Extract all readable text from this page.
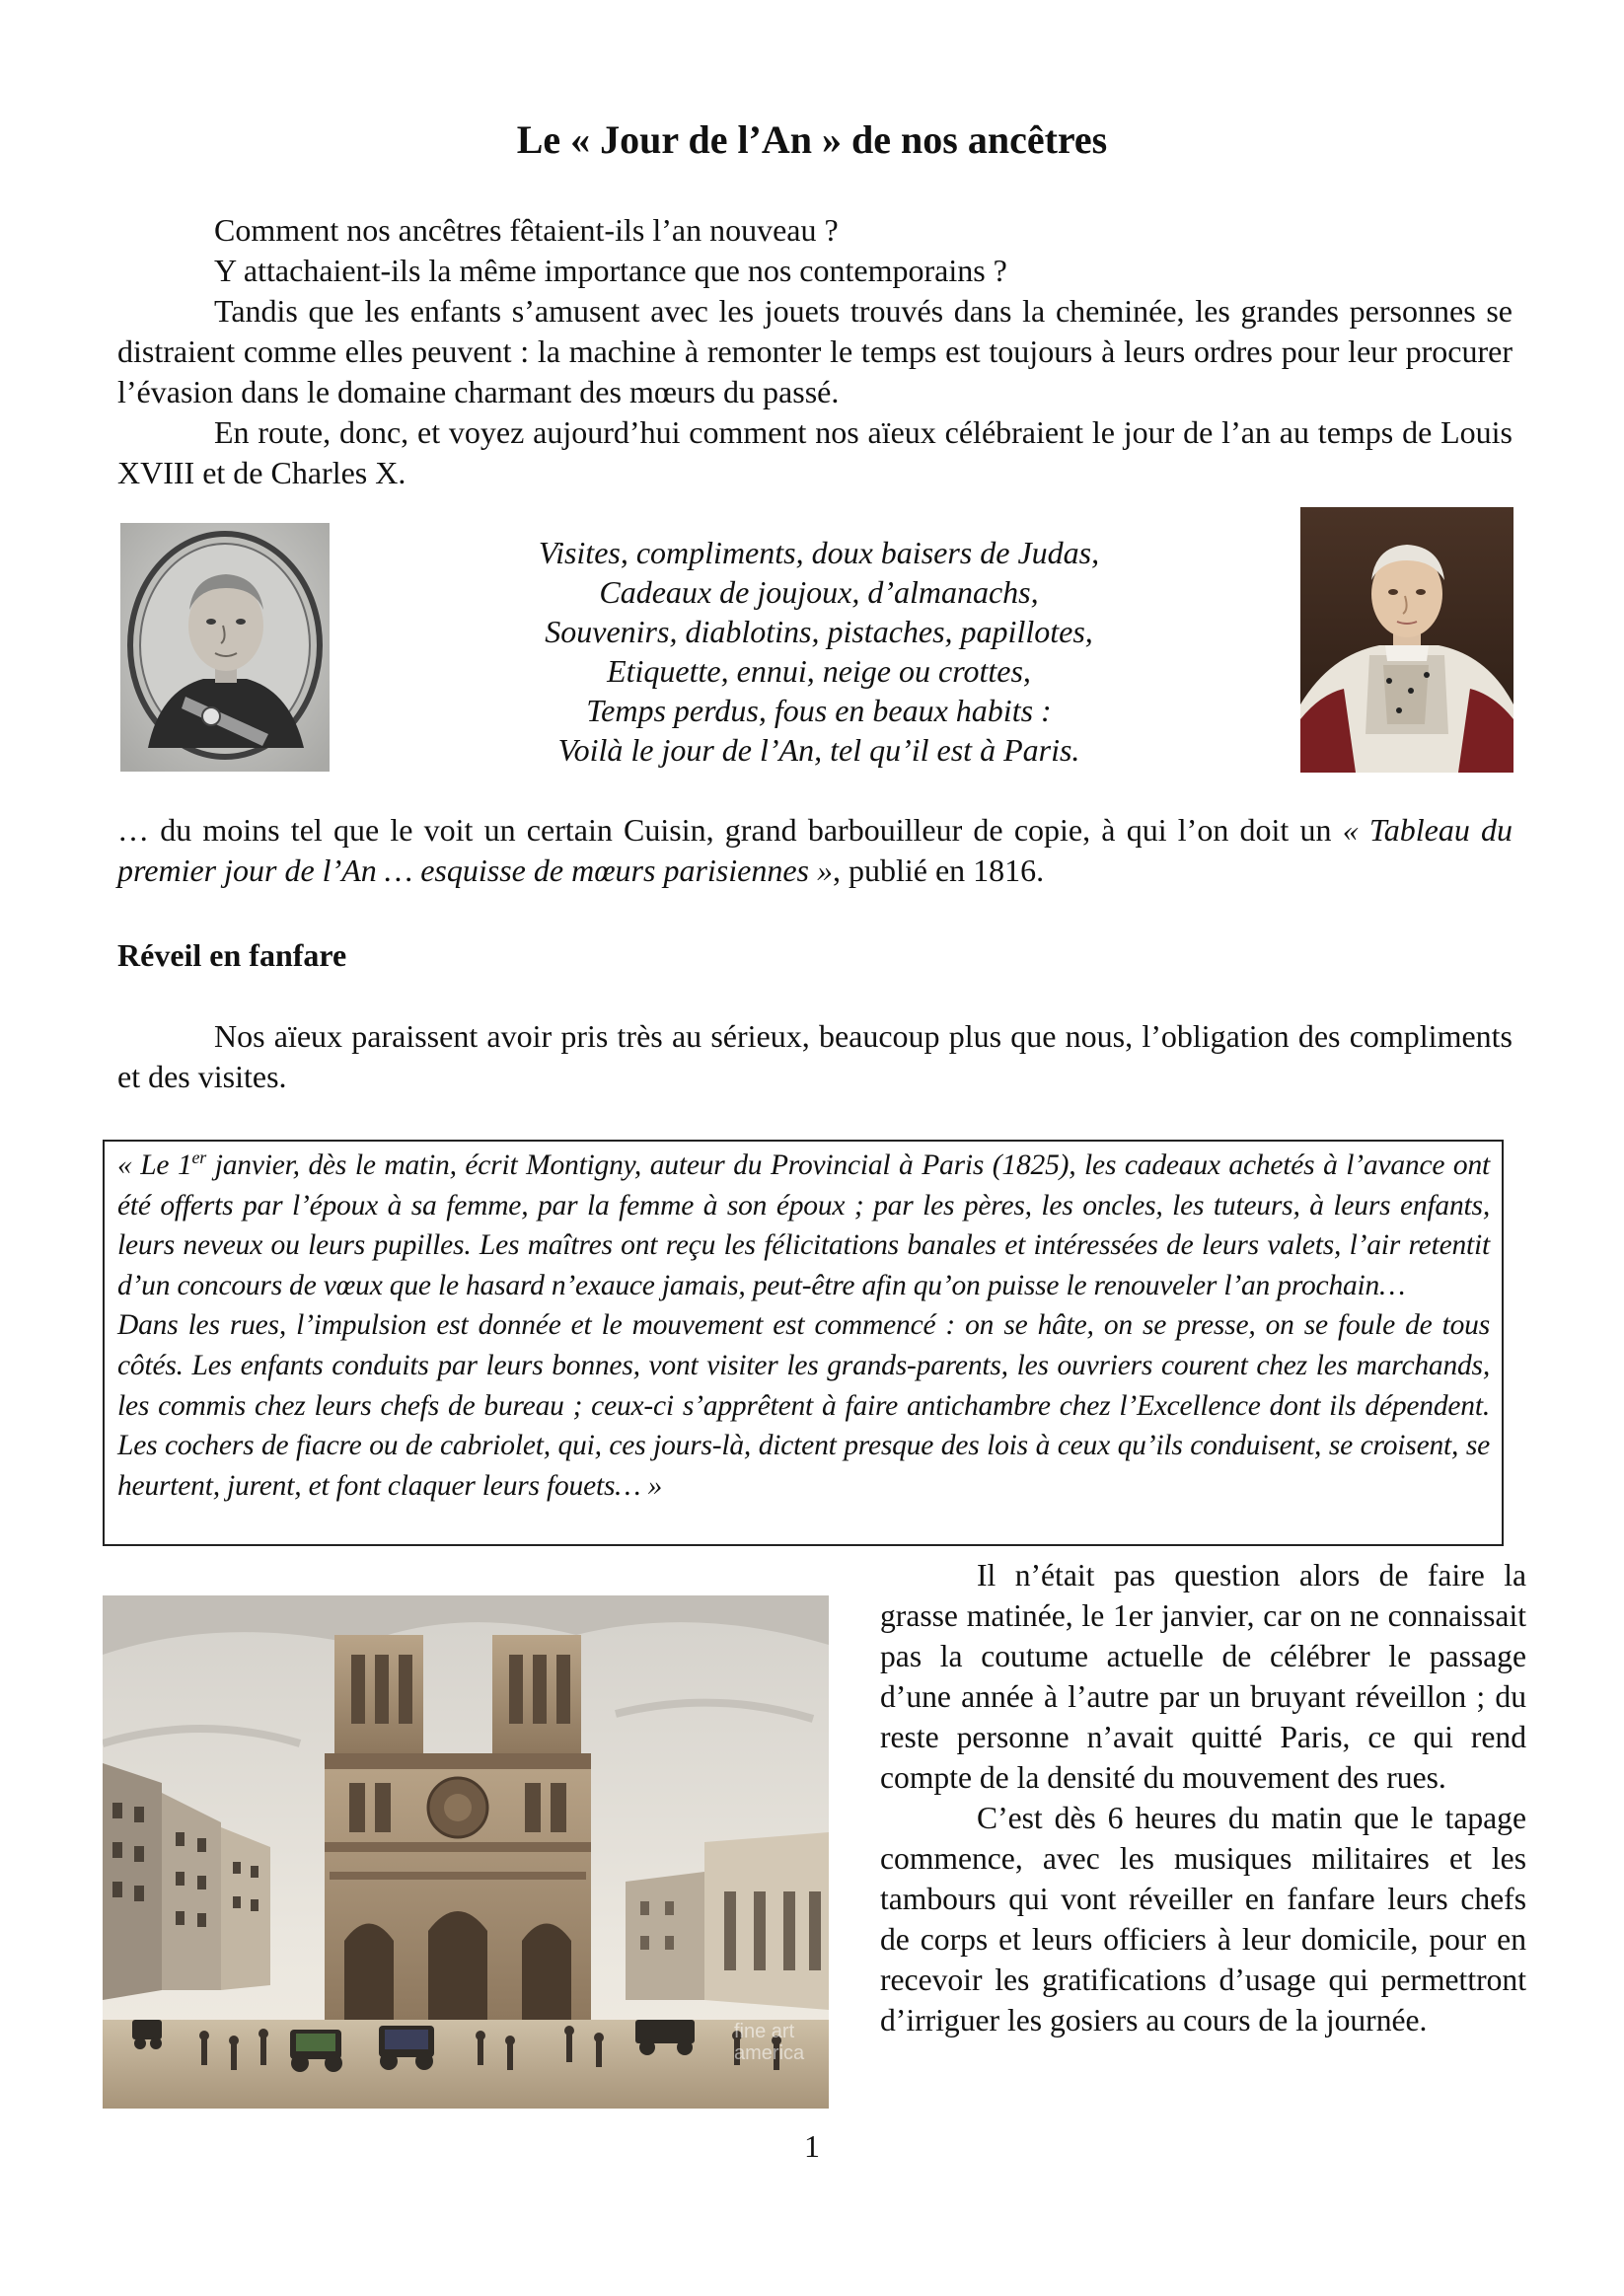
Le « Jour de l’An » de nos ancêtres

Comment nos ancêtres fêtaient-ils l’an nouveau ?

Y attachaient-ils la même importance que nos contemporains ?

Tandis que les enfants s’amusent avec les jouets trouvés dans la cheminée, les grandes personnes se distraient comme elles peuvent : la machine à remonter le temps est toujours à leurs ordres pour leur procurer l’évasion dans le domaine charmant des mœurs du passé.

En route, donc, et voyez aujourd’hui comment nos aïeux célébraient le jour de l’an au temps de Louis XVIII et de Charles X.

Visites, compliments, doux baisers de Judas,
Cadeaux de joujoux, d’almanachs,
Souvenirs, diablotins, pistaches, papillotes,
Etiquette, ennui, neige ou crottes,
Temps perdus, fous en beaux habits :
Voilà le jour de l’An, tel qu’il est à Paris.

… du moins tel que le voit un certain Cuisin, grand barbouilleur de copie, à qui l’on doit un « Tableau du premier jour de l’An … esquisse de mœurs parisiennes », publié en 1816.

Réveil en fanfare

Nos aïeux paraissent avoir pris très au sérieux, beaucoup plus que nous, l’obligation des compliments et des visites.

« Le 1er janvier, dès le matin, écrit Montigny, auteur du Provincial à Paris (1825), les cadeaux achetés à l’avance ont été offerts par l’époux à sa femme, par la femme à son époux ; par les pères, les oncles, les tuteurs, à leurs enfants, leurs neveux ou leurs pupilles. Les maîtres ont reçu les félicitations banales et intéressées de leurs valets, l’air retentit d’un concours de vœux que le hasard n’exauce jamais, peut-être afin qu’on puisse le renouveler l’an prochain…

Dans les rues, l’impulsion est donnée et le mouvement est commencé : on se hâte, on se presse, on se foule de tous côtés. Les enfants conduits par leurs bonnes, vont visiter les grands-parents, les ouvriers courent chez les marchands, les commis chez leurs chefs de bureau ; ceux-ci s’apprêtent à faire antichambre chez l’Excellence dont ils dépendent. Les cochers de fiacre ou de cabriolet, qui, ces jours-là, dictent presque des lois à ceux qu’ils conduisent, se croisent, se heurtent, jurent, et font claquer leurs fouets… »

fine art
america

Il n’était pas question alors de faire la grasse matinée, le 1er janvier, car on ne connaissait pas la coutume actuelle de célébrer le passage d’une année à l’autre par un bruyant réveillon ; du reste personne n’avait quitté Paris, ce qui rend compte de la densité du mouvement des rues.

C’est dès 6 heures du matin que le tapage commence, avec les musiques militaires et les tambours qui vont réveiller en fanfare leurs chefs de corps et leurs officiers à leur domicile, pour en recevoir les gratifications d’usage qui permettront d’irriguer les gosiers au cours de la journée.

1
